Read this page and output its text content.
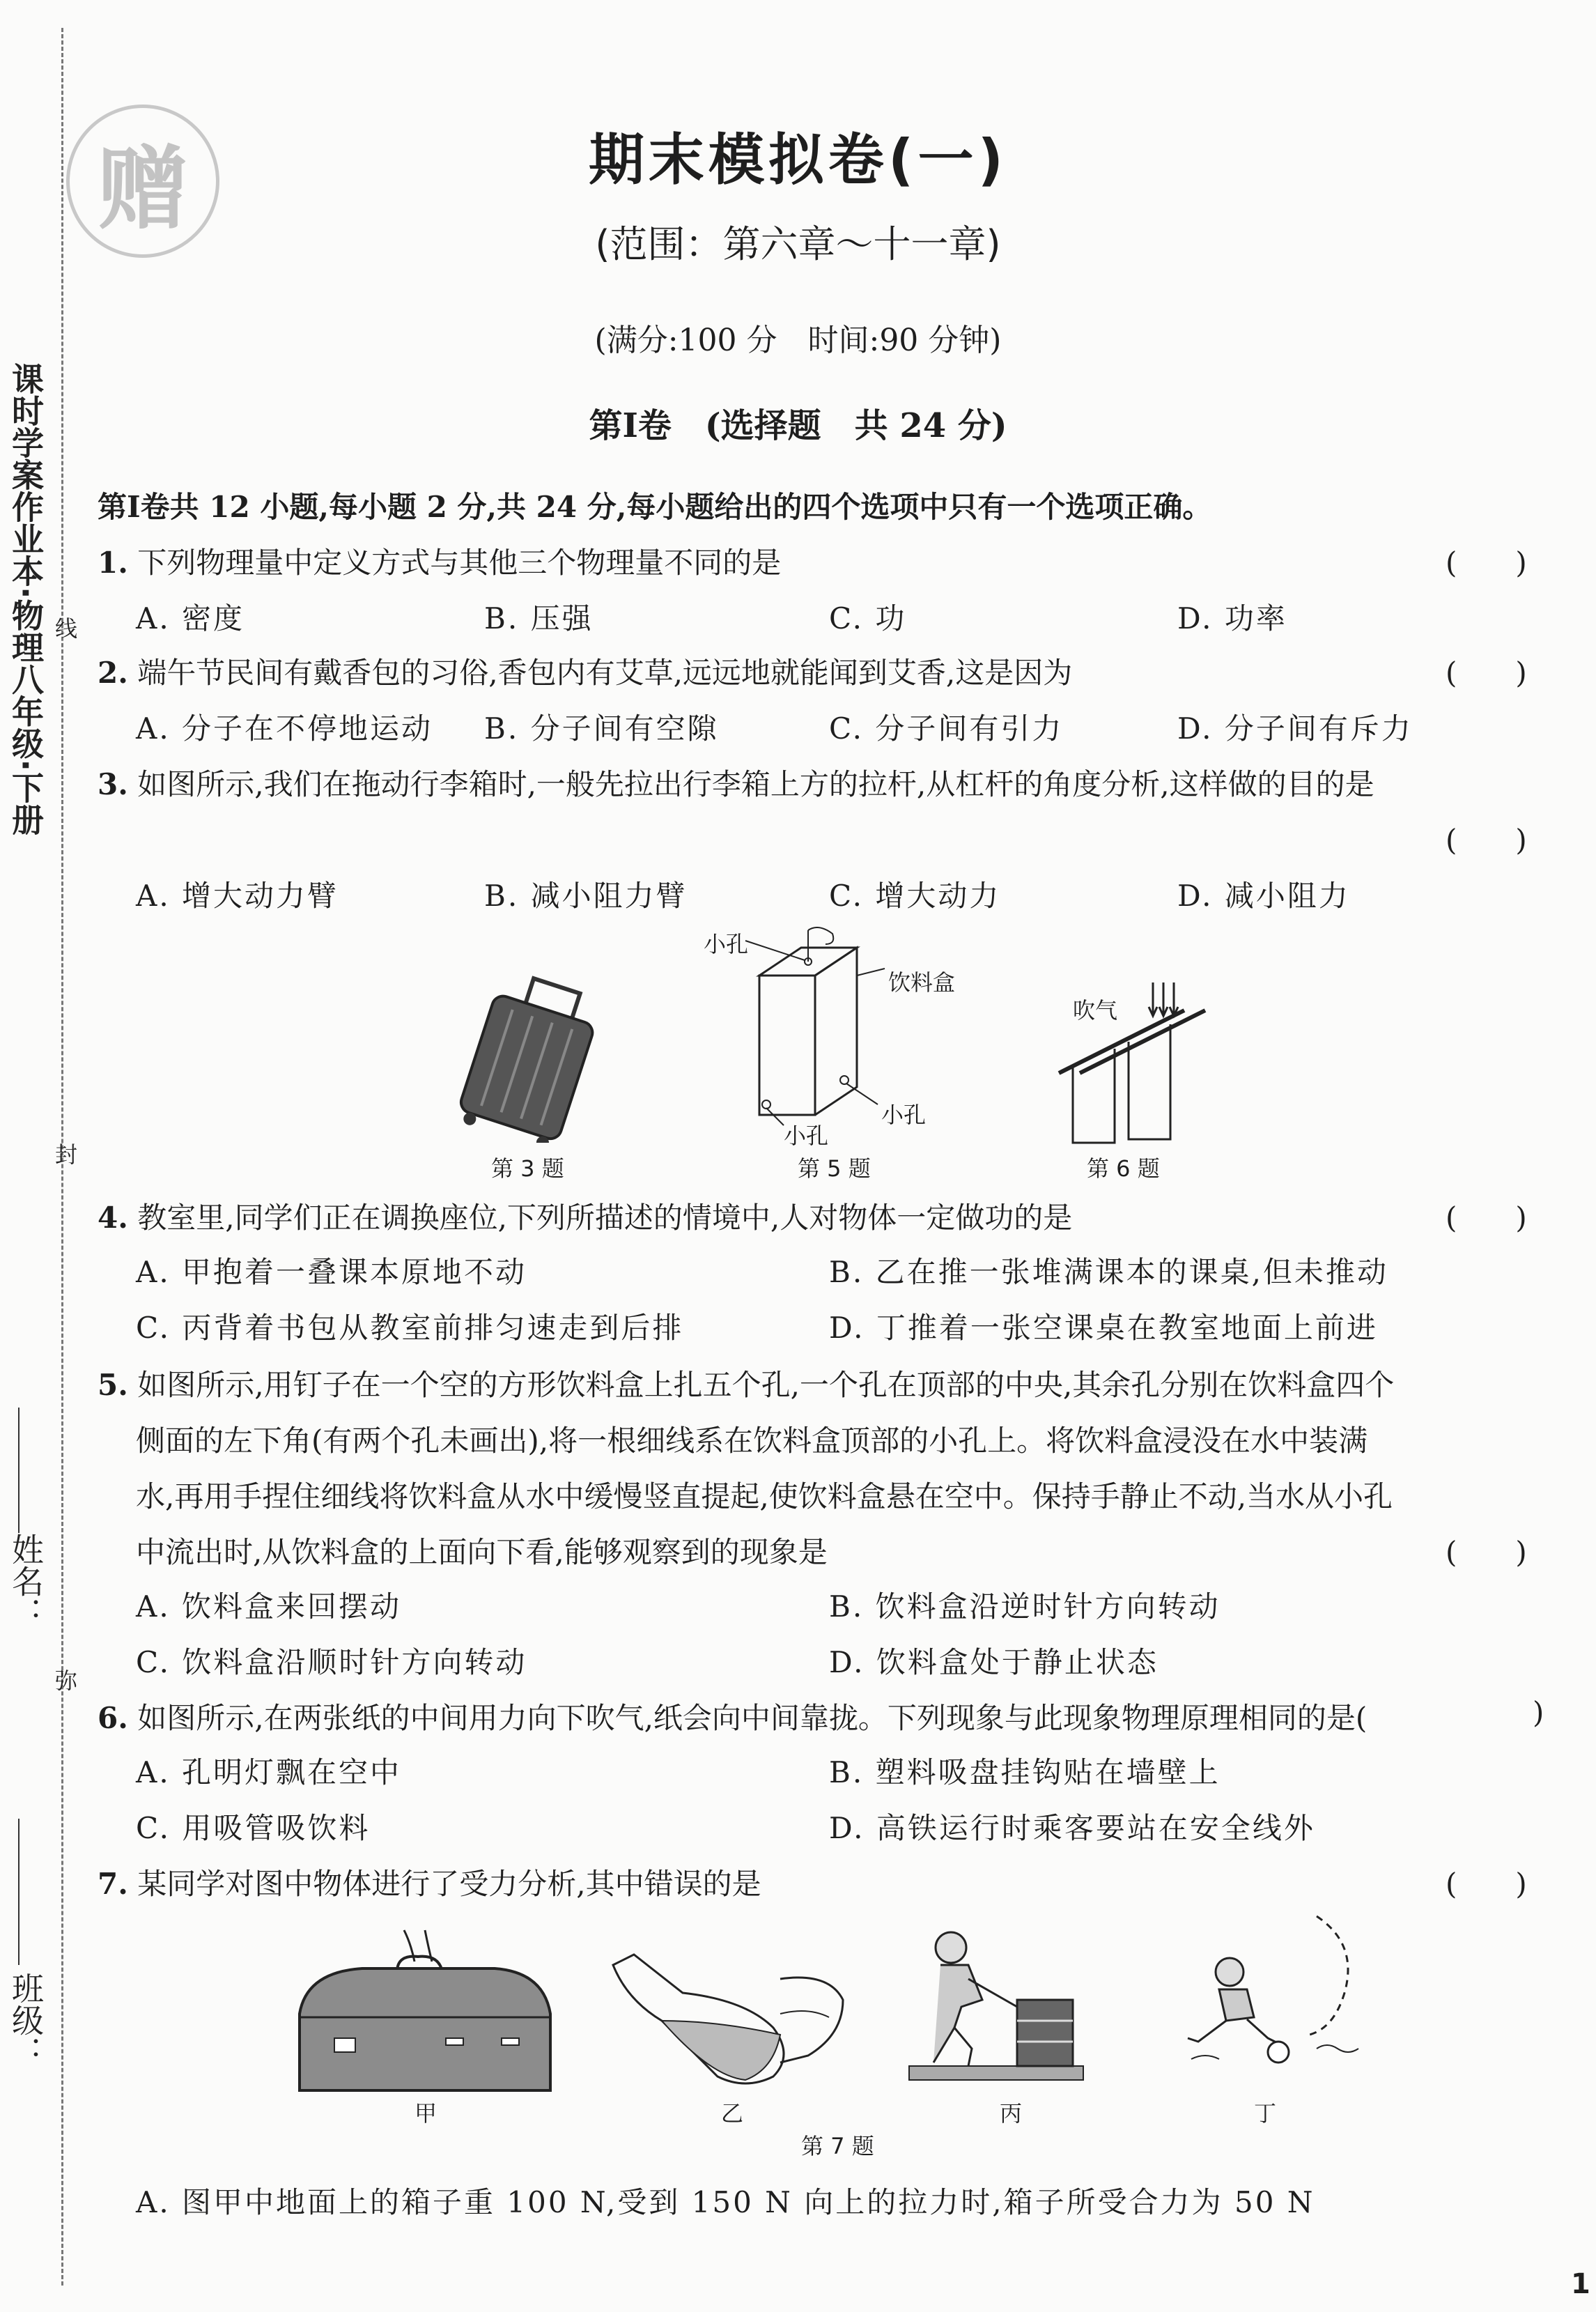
课时学案作业本·物理八年级·下册 线
封
弥
姓名：
班级：
赠	期末模拟卷(一)
(范围：第六章～十一章)
(满分:100 分　时间:90 分钟)
第Ⅰ卷　(选择题　共 24 分)
第Ⅰ卷共 12 小题,每小题 2 分,共 24 分,每小题给出的四个选项中只有一个选项正确。
1. 下列物理量中定义方式与其他三个物理量不同的是	(　　)
A. 密度	B. 压强	C. 功	D. 功率
2. 端午节民间有戴香包的习俗,香包内有艾草,远远地就能闻到艾香,这是因为	(　　)
A. 分子在不停地运动 B. 分子间有空隙	C. 分子间有引力	D. 分子间有斥力
3. 如图所示,我们在拖动行李箱时,一般先拉出行李箱上方的拉杆,从杠杆的角度分析,这样做的目的是
(　　)
A. 增大动力臂	B. 减小阻力臂	C. 增大动力	D. 减小阻力
第 3 题
小孔
饮料盒
小孔
小孔
第 5 题
吹气
第 6 题
4. 教室里,同学们正在调换座位,下列所描述的情境中,人对物体一定做功的是	(　　)
A. 甲抱着一叠课本原地不动	B. 乙在推一张堆满课本的课桌,但未推动
C. 丙背着书包从教室前排匀速走到后排	D. 丁推着一张空课桌在教室地面上前进
5. 如图所示,用钉子在一个空的方形饮料盒上扎五个孔,一个孔在顶部的中央,其余孔分别在饮料盒四个
侧面的左下角(有两个孔未画出),将一根细线系在饮料盒顶部的小孔上。将饮料盒浸没在水中装满
水,再用手捏住细线将饮料盒从水中缓慢竖直提起,使饮料盒悬在空中。保持手静止不动,当水从小孔
中流出时,从饮料盒的上面向下看,能够观察到的现象是	(　　)
A. 饮料盒来回摆动	B. 饮料盒沿逆时针方向转动
C. 饮料盒沿顺时针方向转动	D. 饮料盒处于静止状态
6. 如图所示,在两张纸的中间用力向下吹气,纸会向中间靠拢。下列现象与此现象物理原理相同的是(	)
A. 孔明灯飘在空中	B. 塑料吸盘挂钩贴在墙壁上
C. 用吸管吸饮料	D. 高铁运行时乘客要站在安全线外
7. 某同学对图中物体进行了受力分析,其中错误的是	(　　)
甲	乙	丙	丁
第 7 题
A. 图甲中地面上的箱子重 100 N,受到 150 N 向上的拉力时,箱子所受合力为 50 N
1
